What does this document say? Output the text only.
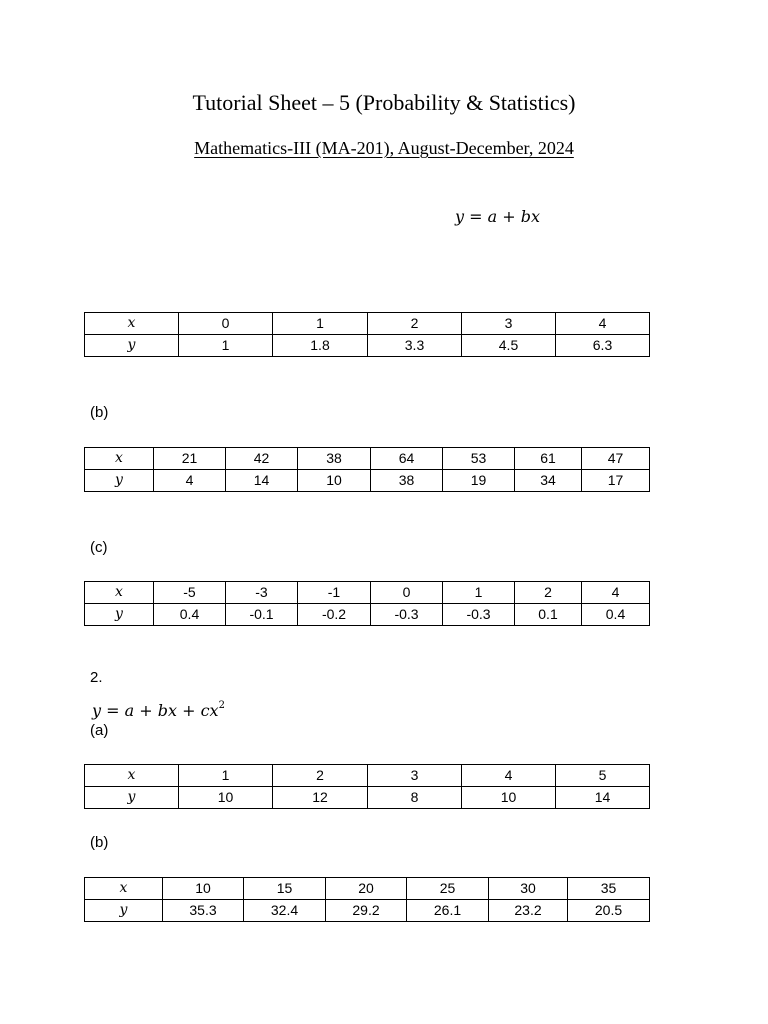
Tutorial Sheet – 5 (Probability & Statistics)
Mathematics-III (MA-201), August-December, 2024
y = a + bx
x	0	1	2	3	4
y	1	1.8	3.3	4.5	6.3
(b)
x	21	42	38	64	53	61	47
y	4	14	10	38	19	34	17
(c)
x	-5	-3	-1	0	1	2	4
y	0.4	-0.1	-0.2	-0.3	-0.3	0.1	0.4
2.
y = a + bx + $cx^2$
(a)
x	1	2	3	4	5
y	10	12	8	10	14
(b)
x	10	15	20	25	30	35
y	35.3	32.4	29.2	26.1	23.2	20.5
